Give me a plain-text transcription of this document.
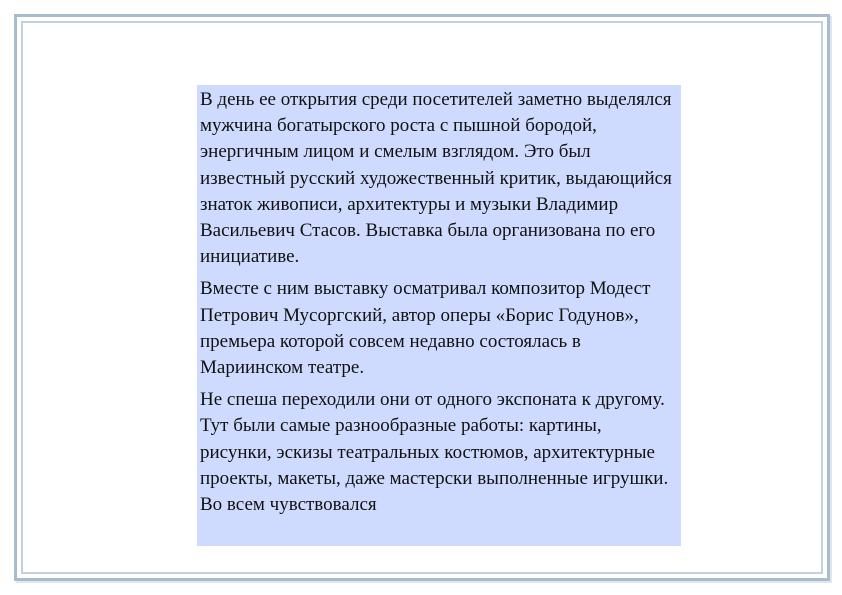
В день ее открытия среди посетителей заметно выделялся мужчина богатырского роста с пышной бородой, энергичным лицом и смелым взглядом. Это был известный русский художественный критик, выдающийся знаток живописи, архитектуры и музыки Владимир Васильевич Стасов. Выставка была организована по его инициативе.

Вместе с ним выставку осматривал композитор Модест Петрович Мусоргский, автор оперы «Борис Годунов», премьера которой совсем недавно состоялась в Мариинском театре.

Не спеша переходили они от одного экспоната к другому. Тут были самые разнообразные работы: картины, рисунки, эскизы театральных костюмов, архитектурные проекты, макеты, даже мастерски выполненные игрушки. Во всем чувствовался
